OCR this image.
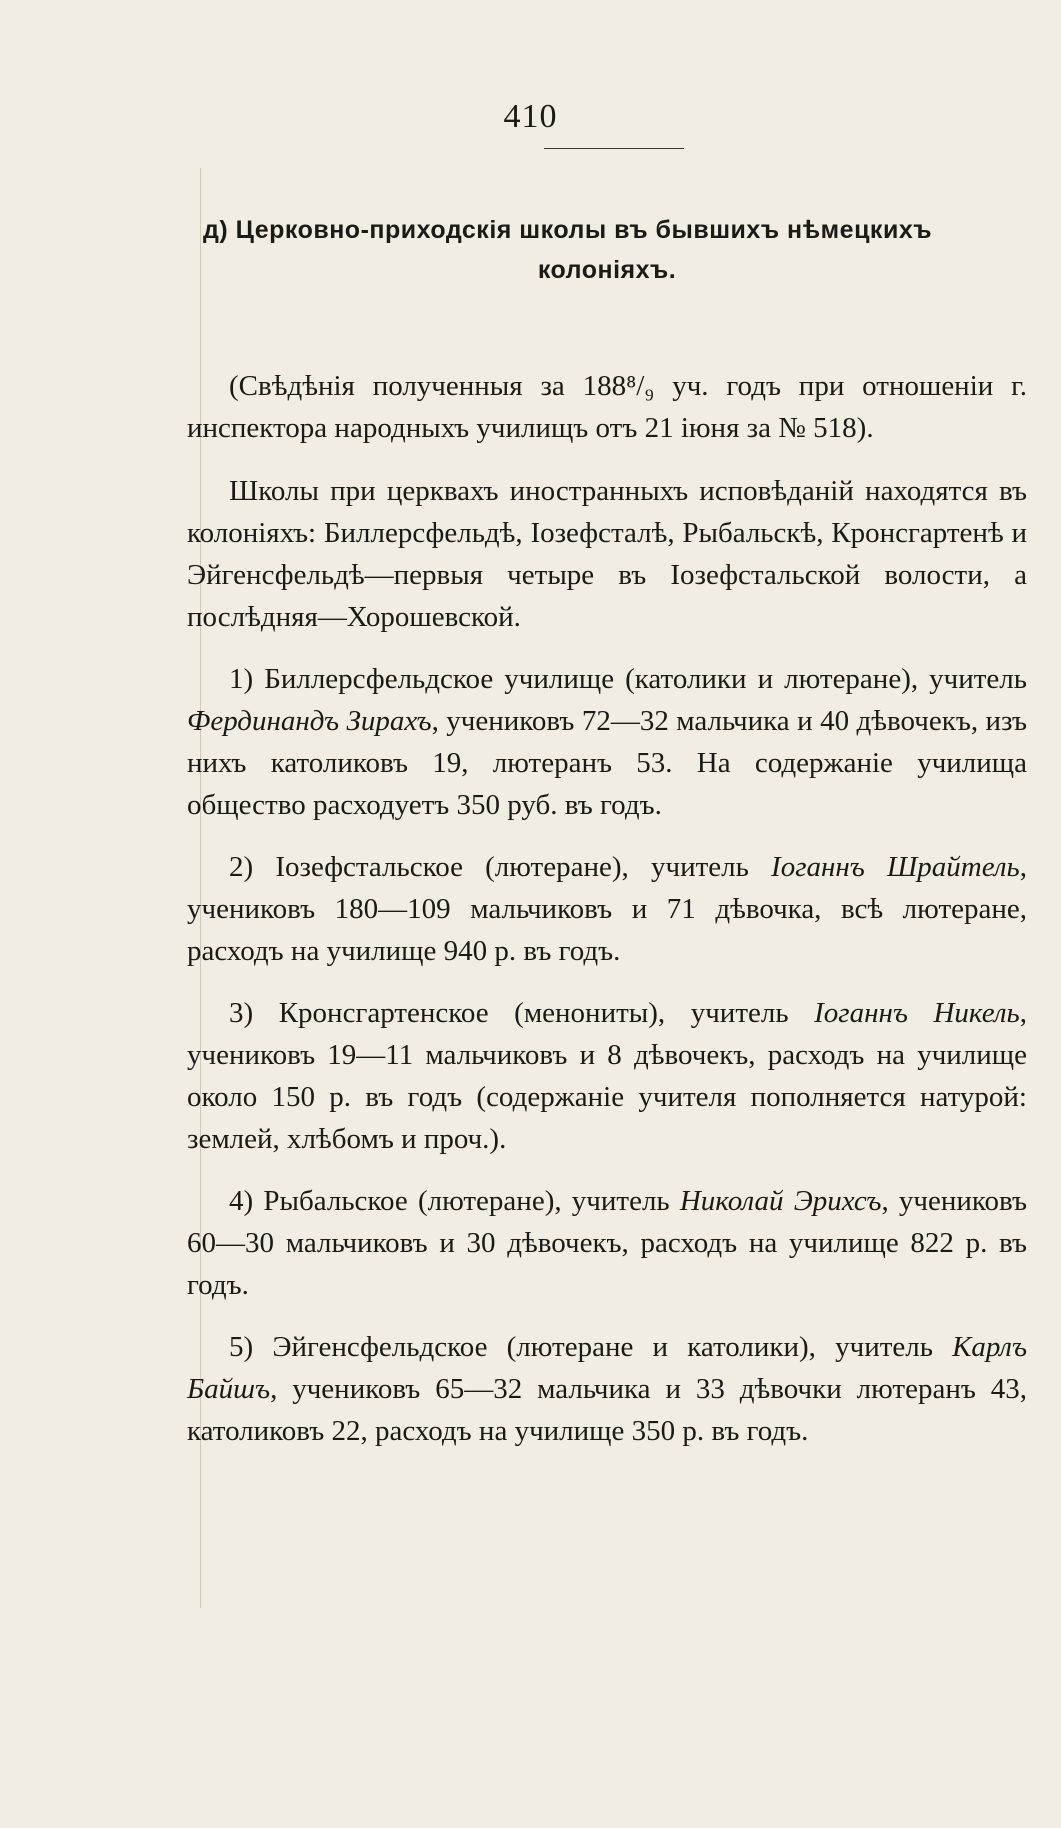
410
д) Церковно-приходскія школы въ бывшихъ нѣмецкихъ
колоніяхъ.

(Свѣдѣнія полученныя за 188⁸/₉ уч. годъ при отношеніи г. инспектора народныхъ училищъ отъ 21 іюня за № 518).

Школы при церквахъ иностранныхъ исповѣданій находятся въ колоніяхъ: Биллерсфельдѣ, Іозефсталѣ, Рыбальскѣ, Кронсгартенѣ и Эйгенсфельдѣ—первыя четыре въ Іозефстальской волости, а послѣдняя—Хорошевской.

1) Биллерсфельдское училище (католики и лютеране), учитель Фердинандъ Зирахъ, учениковъ 72—32 мальчика и 40 дѣвочекъ, изъ нихъ католиковъ 19, лютеранъ 53. На содержаніе училища общество расходуетъ 350 руб. въ годъ.

2) Іозефстальское (лютеране), учитель Іоганнъ Шрайтель, учениковъ 180—109 мальчиковъ и 71 дѣвочка, всѣ лютеране, расходъ на училище 940 р. въ годъ.

3) Кронсгартенское (менониты), учитель Іоганнъ Никель, учениковъ 19—11 мальчиковъ и 8 дѣвочекъ, расходъ на училище около 150 р. въ годъ (содержаніе учителя пополняется натурой: землей, хлѣбомъ и проч.).

4) Рыбальское (лютеране), учитель Николай Эрихсъ, учениковъ 60—30 мальчиковъ и 30 дѣвочекъ, расходъ на училище 822 р. въ годъ.

5) Эйгенсфельдское (лютеране и католики), учитель Карлъ Байшъ, учениковъ 65—32 мальчика и 33 дѣвочки лютеранъ 43, католиковъ 22, расходъ на училище 350 р. въ годъ.
